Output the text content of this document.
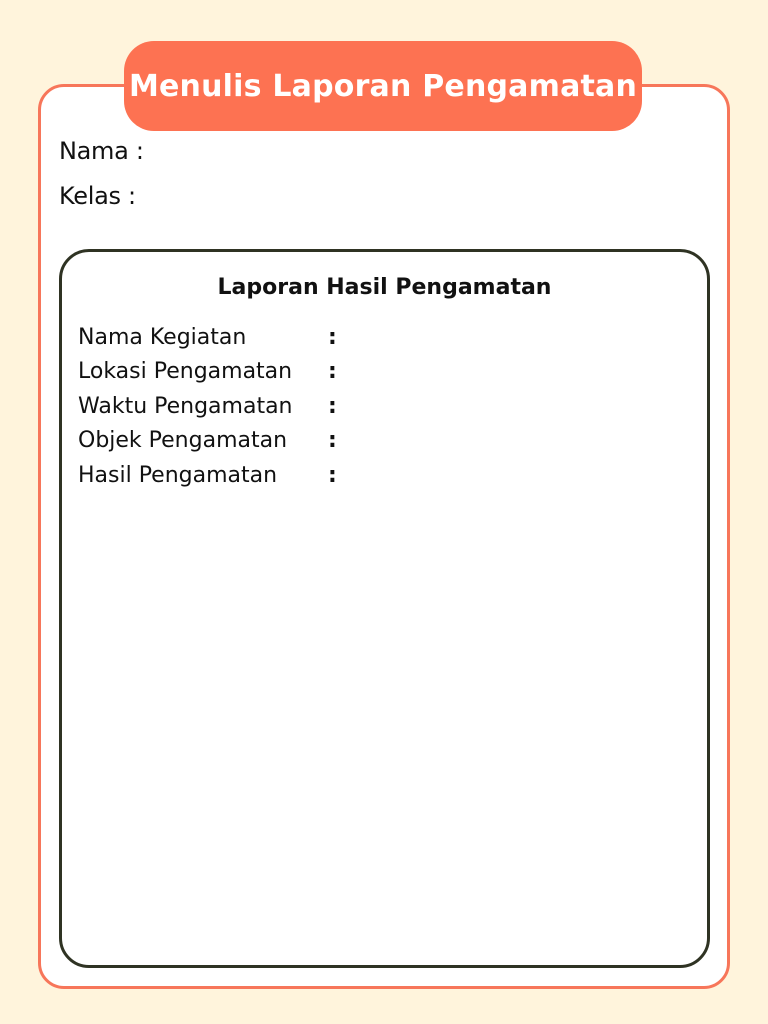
Menulis Laporan Pengamatan
Nama :
Kelas :
Laporan Hasil Pengamatan
Nama Kegiatan	:
Lokasi Pengamatan :
Waktu Pengamatan :
Objek Pengamatan :
Hasil Pengamatan :
